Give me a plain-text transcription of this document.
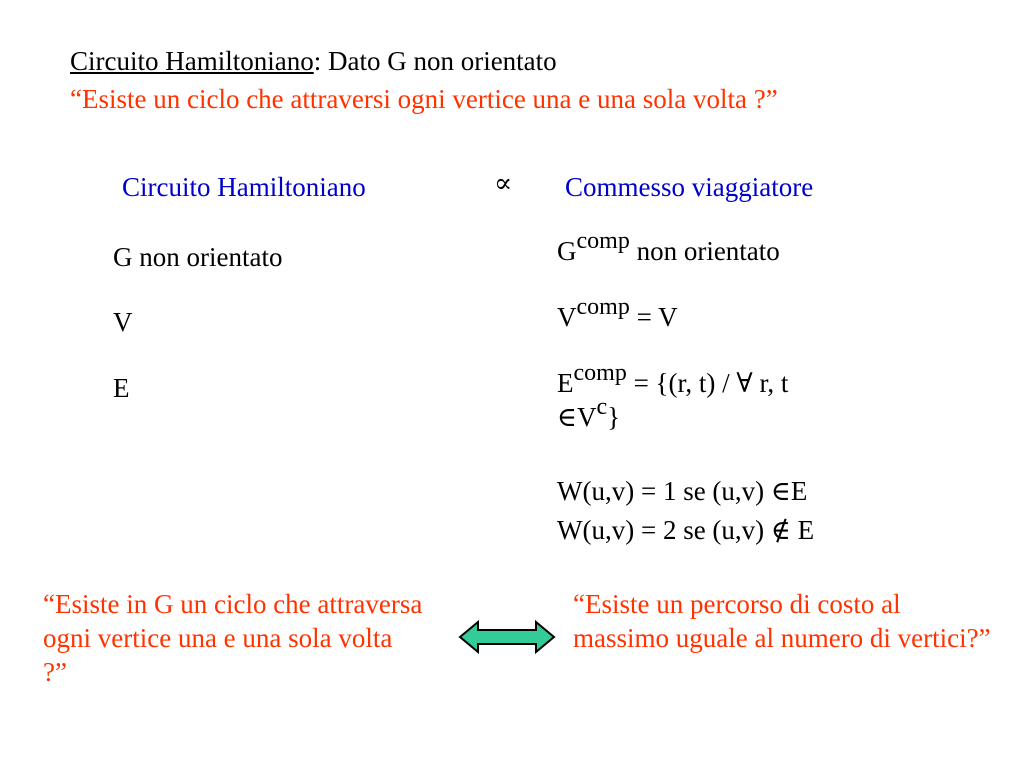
Circuito Hamiltoniano: Dato G non orientato
“Esiste un ciclo che attraversi ogni vertice una e una sola volta ?”
Circuito Hamiltoniano	∝ Commesso viaggiatore
G non orientato
V
E
$G^{comp}$ non orientato
$V^{comp} = V$
$E^{comp} = \{(r$, t) / ∀ r, t
$\in V^c$}
W(u,v) = 1 se (u,v) ∈E
W(u,v) = 2 se (u,v) ∉ E
“Esiste in G un ciclo che attraversa ogni vertice una e una sola volta ?”
“Esiste un percorso di costo al massimo uguale al numero di vertici?”
